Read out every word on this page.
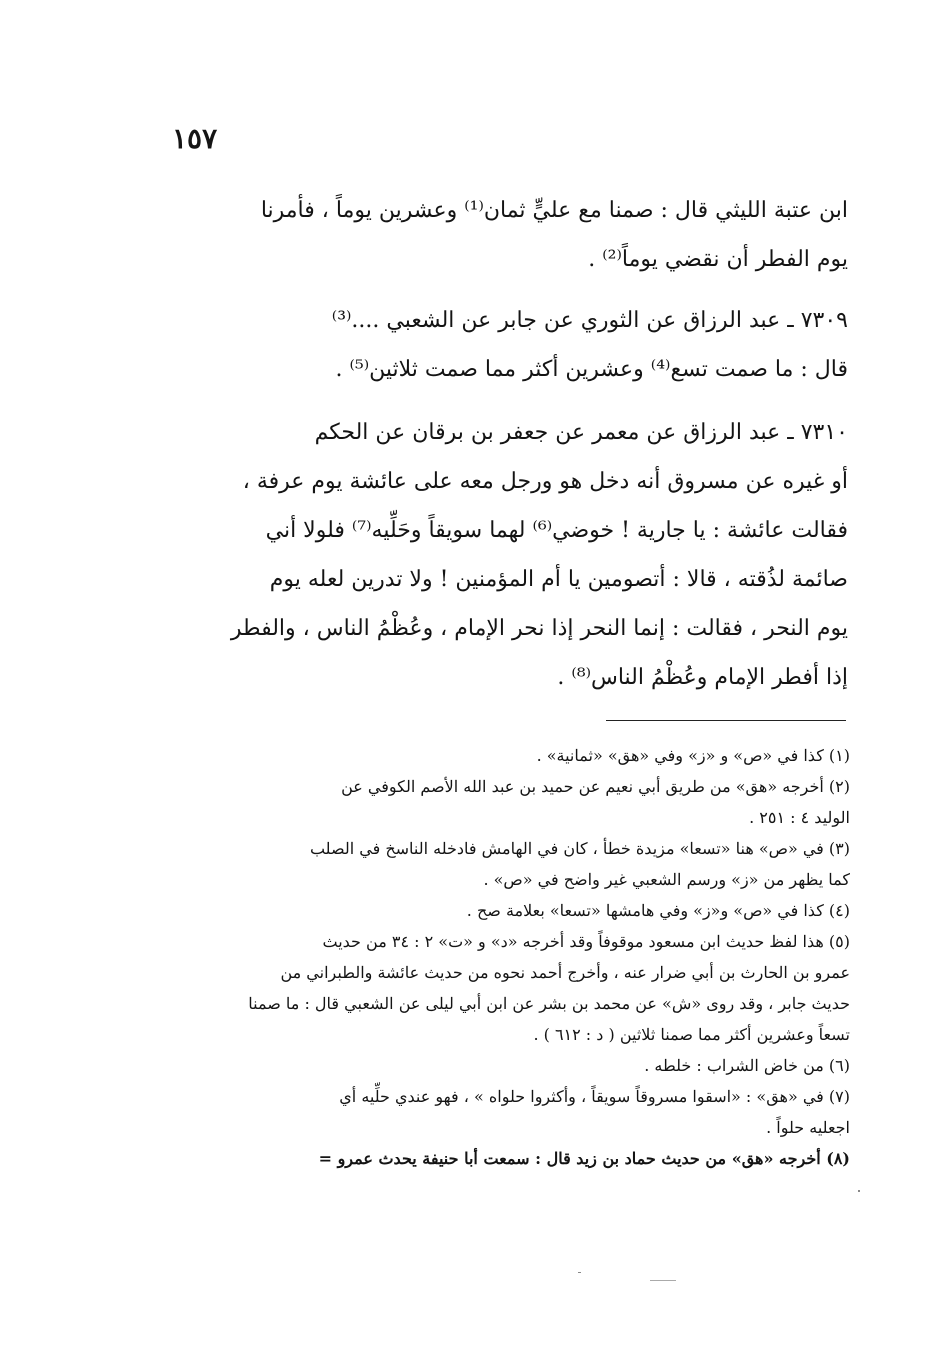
١٥٧

ابن عتبة الليثي قال : صمنا مع عليٍّ ثمان⁽¹⁾ وعشرين يوماً ، فأمرنا
يوم الفطر أن نقضي يوماً⁽²⁾ .

٧٣٠٩ ـ عبد الرزاق عن الثوري عن جابر عن الشعبي ....⁽³⁾
قال : ما صمت تسع⁽⁴⁾ وعشرين أكثر مما صمت ثلاثين⁽⁵⁾ .

٧٣١٠ ـ عبد الرزاق عن معمر عن جعفر بن برقان عن الحكم
أو غيره عن مسروق أنه دخل هو ورجل معه على عائشة يوم عرفة ،
فقالت عائشة : يا جارية ! خوضي⁽⁶⁾ لهما سويقاً وحَلِّيه⁽⁷⁾ فلولا أني
صائمة لذُقته ، قالا : أتصومين يا أم المؤمنين ! ولا تدرين لعله يوم
يوم النحر ، فقالت : إنما النحر إذا نحر الإمام ، وعُظْمُ الناس ، والفطر
إذا أفطر الإمام وعُظْمُ الناس⁽⁸⁾ .

(١) كذا في «ص» و «ز» وفي «هق» «ثمانية» .

(٢) أخرجه «هق» من طريق أبي نعيم عن حميد بن عبد الله الأصم الكوفي عن
الوليد ٤ : ٢٥١ .

(٣) في «ص» هنا «تسعا» مزيدة خطأ ، كان في الهامش فادخله الناسخ في الصلب
كما يظهر من «ز» ورسم الشعبي غير واضح في «ص» .

(٤) كذا في «ص» و«ز» وفي هامشها «تسعا» بعلامة صح .

(٥) هذا لفظ حديث ابن مسعود موقوفاً وقد أخرجه «د» و «ت» ٢ : ٣٤ من حديث
عمرو بن الحارث بن أبي ضرار عنه ، وأخرج أحمد نحوه من حديث عائشة والطبراني من
حديث جابر ، وقد روى «ش» عن محمد بن بشر عن ابن أبي ليلى عن الشعبي قال : ما صمنا
تسعاً وعشرين أكثر مما صمنا ثلاثين ( د : ٦١٢ ) .

(٦) من خاض الشراب : خلطه .

(٧) في «هق» : «اسقوا مسروقاً سويقاً ، وأكثروا حلواه » ، فهو عندي حلِّيه أي
اجعليه حلواً .

(٨) أخرجه «هق» من حديث حماد بن زيد قال : سمعت أبا حنيفة يحدث عمرو =
